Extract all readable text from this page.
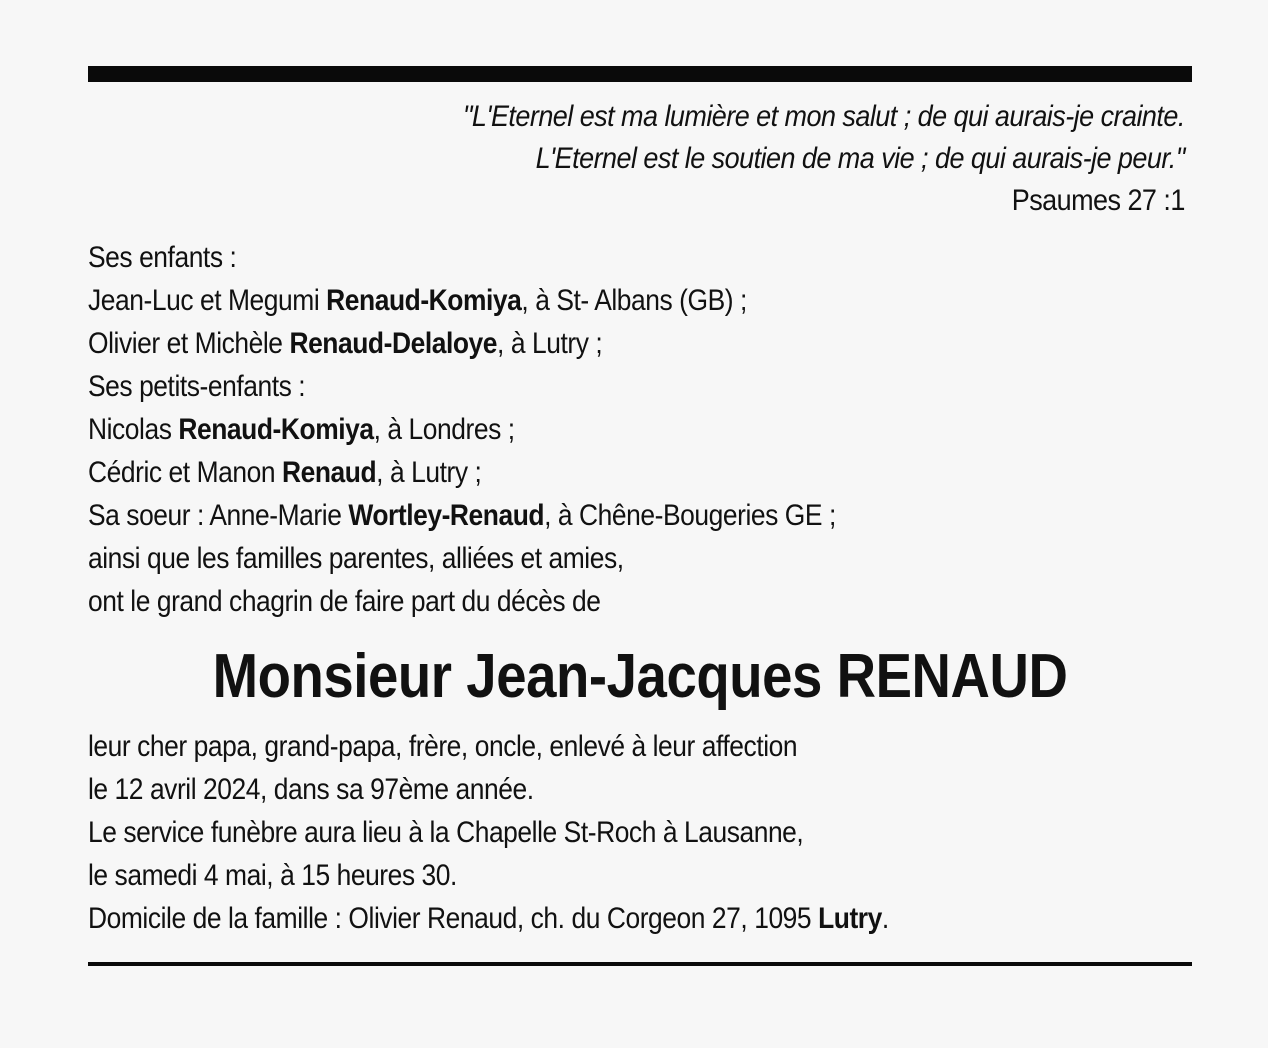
"L'Eternel est ma lumière et mon salut ; de qui aurais-je crainte.
L'Eternel est le soutien de ma vie ; de qui aurais-je peur."
Psaumes 27 :1
Ses enfants :
Jean-Luc et Megumi Renaud-Komiya, à St- Albans (GB) ;
Olivier et Michèle Renaud-Delaloye, à Lutry ;
Ses petits-enfants :
Nicolas Renaud-Komiya, à Londres ;
Cédric et Manon Renaud, à Lutry ;
Sa soeur : Anne-Marie Wortley-Renaud, à Chêne-Bougeries GE ;
ainsi que les familles parentes, alliées et amies,
ont le grand chagrin de faire part du décès de
Monsieur Jean-Jacques RENAUD
leur cher papa, grand-papa, frère, oncle, enlevé à leur affection
le 12 avril 2024, dans sa 97ème année.
Le service funèbre aura lieu à la Chapelle St-Roch à Lausanne,
le samedi 4 mai, à 15 heures 30.
Domicile de la famille : Olivier Renaud, ch. du Corgeon 27, 1095 Lutry.
